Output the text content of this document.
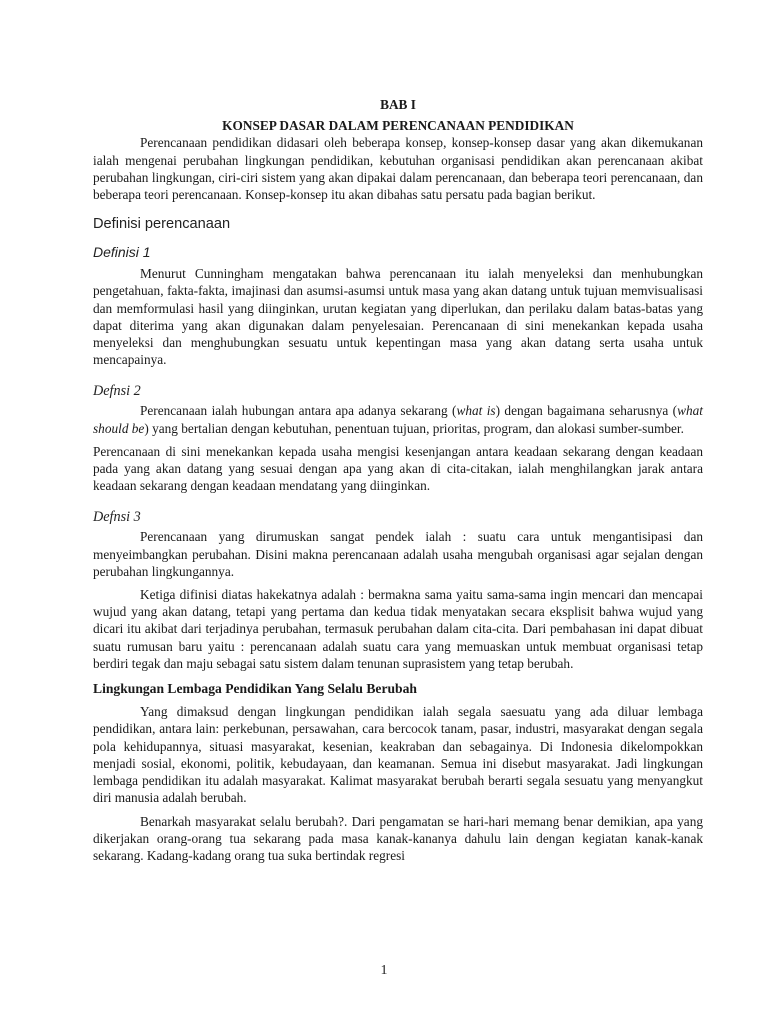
BAB I
KONSEP DASAR DALAM PERENCANAAN PENDIDIKAN

Perencanaan pendidikan didasari oleh beberapa konsep, konsep-konsep dasar yang akan dikemukanan ialah mengenai perubahan lingkungan pendidikan, kebutuhan organisasi pendidikan akan perencanaan akibat perubahan lingkungan, ciri-ciri sistem yang akan dipakai dalam perencanaan, dan beberapa teori perencanaan, dan beberapa teori perencanaan. Konsep-konsep itu akan dibahas satu persatu pada bagian berikut.

Definisi perencanaan
Definisi 1

Menurut Cunningham mengatakan bahwa perencanaan itu ialah menyeleksi dan menhubungkan pengetahuan, fakta-fakta, imajinasi dan asumsi-asumsi untuk masa yang akan datang untuk tujuan memvisualisasi dan memformulasi hasil yang diinginkan, urutan kegiatan yang diperlukan, dan perilaku dalam batas-batas yang dapat diterima yang akan digunakan dalam penyelesaian. Perencanaan di sini menekankan kepada usaha menyeleksi dan menghubungkan sesuatu untuk kepentingan masa yang akan datang serta usaha untuk mencapainya.

Defnsi 2

Perencanaan ialah hubungan antara apa adanya sekarang (what is) dengan bagaimana seharusnya (what should be) yang bertalian dengan kebutuhan, penentuan tujuan, prioritas, program, dan alokasi sumber-sumber.

Perencanaan di sini menekankan kepada usaha mengisi kesenjangan antara keadaan sekarang dengan keadaan pada yang akan datang yang sesuai dengan apa yang akan di cita-citakan, ialah menghilangkan jarak antara keadaan sekarang dengan keadaan mendatang yang diinginkan.

Defnsi 3

Perencanaan yang dirumuskan sangat pendek ialah : suatu cara untuk mengantisipasi dan menyeimbangkan perubahan. Disini makna perencanaan adalah usaha mengubah organisasi agar sejalan dengan perubahan lingkungannya.

Ketiga difinisi diatas hakekatnya adalah : bermakna sama yaitu sama-sama ingin mencari dan mencapai wujud yang akan datang, tetapi yang pertama dan kedua tidak menyatakan secara eksplisit bahwa wujud yang dicari itu akibat dari terjadinya perubahan, termasuk perubahan dalam cita-cita. Dari pembahasan ini dapat dibuat suatu rumusan baru yaitu : perencanaan adalah suatu cara yang memuaskan untuk membuat organisasi tetap berdiri tegak dan maju sebagai satu sistem dalam tenunan suprasistem yang tetap berubah.

Lingkungan Lembaga Pendidikan Yang Selalu Berubah

Yang dimaksud dengan lingkungan pendidikan ialah segala saesuatu yang ada diluar lembaga pendidikan, antara lain: perkebunan, persawahan, cara bercocok tanam, pasar, industri, masyarakat dengan segala pola kehidupannya, situasi masyarakat, kesenian, keakraban dan sebagainya. Di Indonesia dikelompokkan menjadi sosial, ekonomi, politik, kebudayaan, dan keamanan. Semua ini disebut masyarakat. Jadi lingkungan lembaga pendidikan itu adalah masyarakat. Kalimat masyarakat berubah berarti segala sesuatu yang menyangkut diri manusia adalah berubah.

Benarkah masyarakat selalu berubah?. Dari pengamatan se hari-hari memang benar demikian, apa yang dikerjakan orang-orang tua sekarang pada masa kanak-kananya dahulu lain dengan kegiatan kanak-kanak sekarang. Kadang-kadang orang tua suka bertindak regresi

1
